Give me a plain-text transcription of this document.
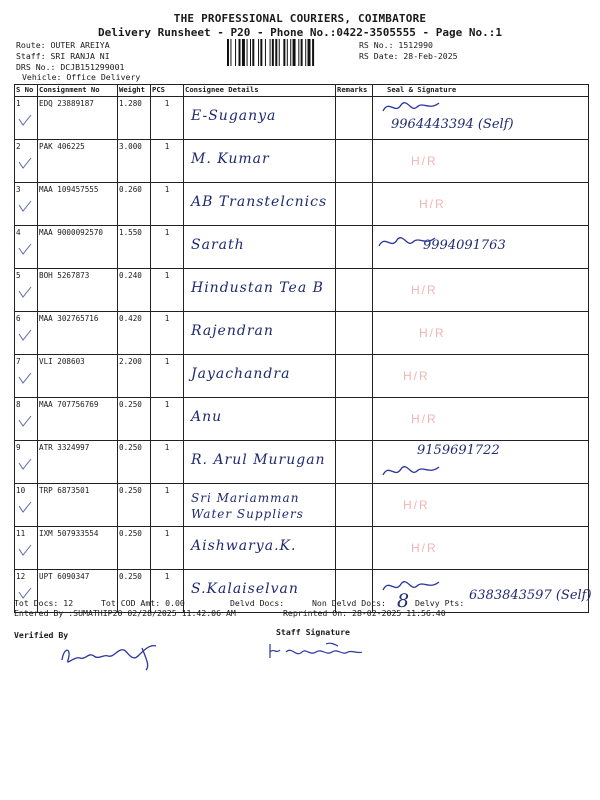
THE PROFESSIONAL COURIERS, COIMBATORE
Delivery Runsheet - P20 - Phone No.:0422-3505555 - Page No.:1
Route: OUTER AREIYA
Staff: SRI RANJA NI
DRS No.: DCJB151299001
Vehicle: Office Delivery
RS No.: 1512990
RS Date: 28-Feb-2025
S No	Consignment No	Weight	PCS	Consignee Details	Remarks	Seal & Signature
1	EDQ 23889187	1.280	1	E-Suganya		9964443394 (Self)

2	PAK 406225	3.000	1	M. Kumar		H/R

3	MAA 109457555	0.260	1	AB Transtelcnics		H/R

4	MAA 9000092570	1.550	1	Sarath		9994091763

5	BOH 5267873	0.240	1	Hindustan Tea B		H/R

6	MAA 302765716	0.420	1	Rajendran		H/R

7	VLI 208603	2.200	1	Jayachandra		H/R

8	MAA 707756769	0.250	1	Anu		H/R

9	ATR 3324997	0.250	1	R. Arul Murugan		9159691722

10	TRP 6873501	0.250	1	Sri Mariamman Water Suppliers		H/R

11	IXM 507933554	0.250	1	Aishwarya.K.		H/R

12	UPT 6090347	0.250	1	S.Kalaiselvan		6383843597 (Self)
Tot Docs: 12	Tot COD Amt: 0.00	Delvd Docs:	Non Delvd Docs: 8 Delvy Pts:
Entered By :SUMATHIP20 02/28/2025 11:42:06 AM	Reprinted On: 28-02-2025 11:56:40
Verified By	Staff Signature
